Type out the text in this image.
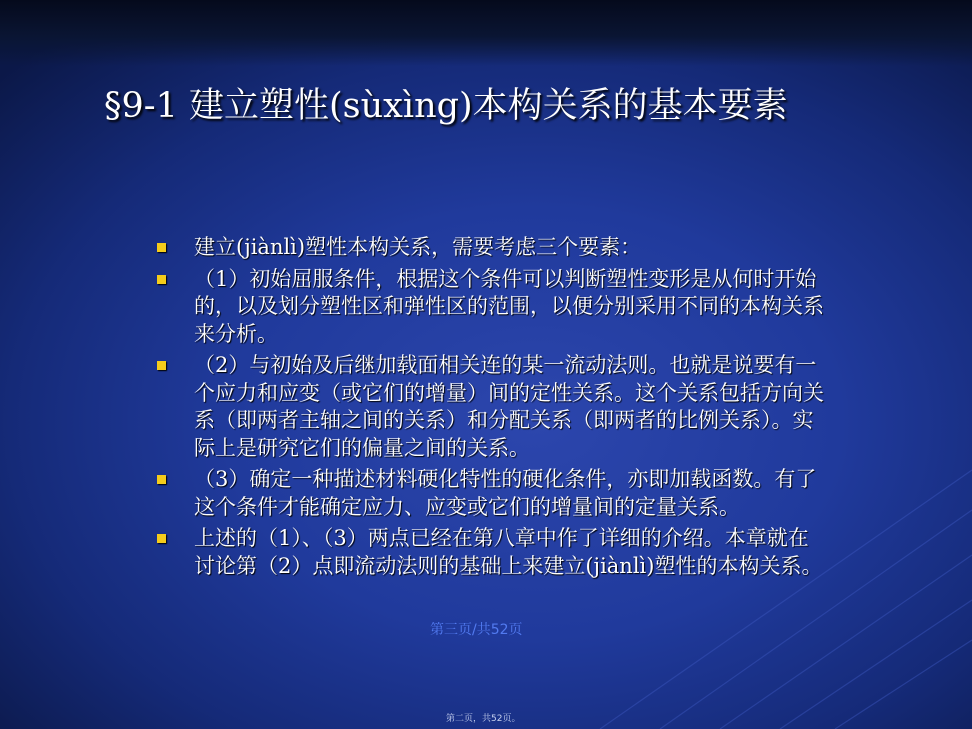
§9-1 建立塑性(sùxìng)本构关系的基本要素
建立(jiànlì)塑性本构关系，需要考虑三个要素：
（1）初始屈服条件，根据这个条件可以判断塑性变形是从何时开始的，以及划分塑性区和弹性区的范围，以便分别采用不同的本构关系来分析。
（2）与初始及后继加载面相关连的某一流动法则。也就是说要有一个应力和应变（或它们的增量）间的定性关系。这个关系包括方向关系（即两者主轴之间的关系）和分配关系（即两者的比例关系）。实际上是研究它们的偏量之间的关系。
（3）确定一种描述材料硬化特性的硬化条件，亦即加载函数。有了这个条件才能确定应力、应变或它们的增量间的定量关系。
上述的（1）、（3）两点已经在第八章中作了详细的介绍。本章就在讨论第（2）点即流动法则的基础上来建立(jiànlì)塑性的本构关系。
第三页/共52页
第二页，共52页。
